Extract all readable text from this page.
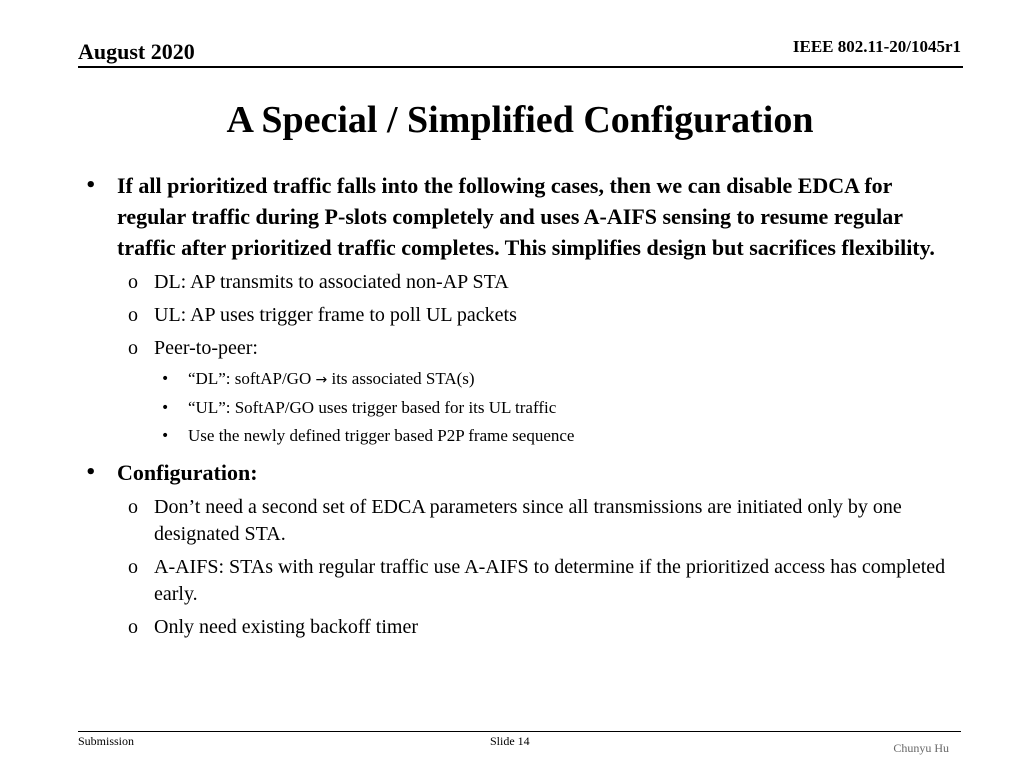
August 2020	IEEE 802.11-20/1045r1
A Special / Simplified Configuration
• If all prioritized traffic falls into the following cases, then we can disable EDCA for regular traffic during P-slots completely and uses A-AIFS sensing to resume regular traffic after prioritized traffic completes. This simplifies design but sacrifices flexibility.
o DL: AP transmits to associated non-AP STA
o UL: AP uses trigger frame to poll UL packets
o Peer-to-peer:
• “DL”: softAP/GO → its associated STA(s)
• “UL”: SoftAP/GO uses trigger based for its UL traffic
• Use the newly defined trigger based P2P frame sequence
• Configuration:
o Don’t need a second set of EDCA parameters since all transmissions are initiated only by one designated STA.
o A-AIFS: STAs with regular traffic use A-AIFS to determine if the prioritized access has completed early.
o Only need existing backoff timer
Submission	Slide 14	Chunyu Hu
